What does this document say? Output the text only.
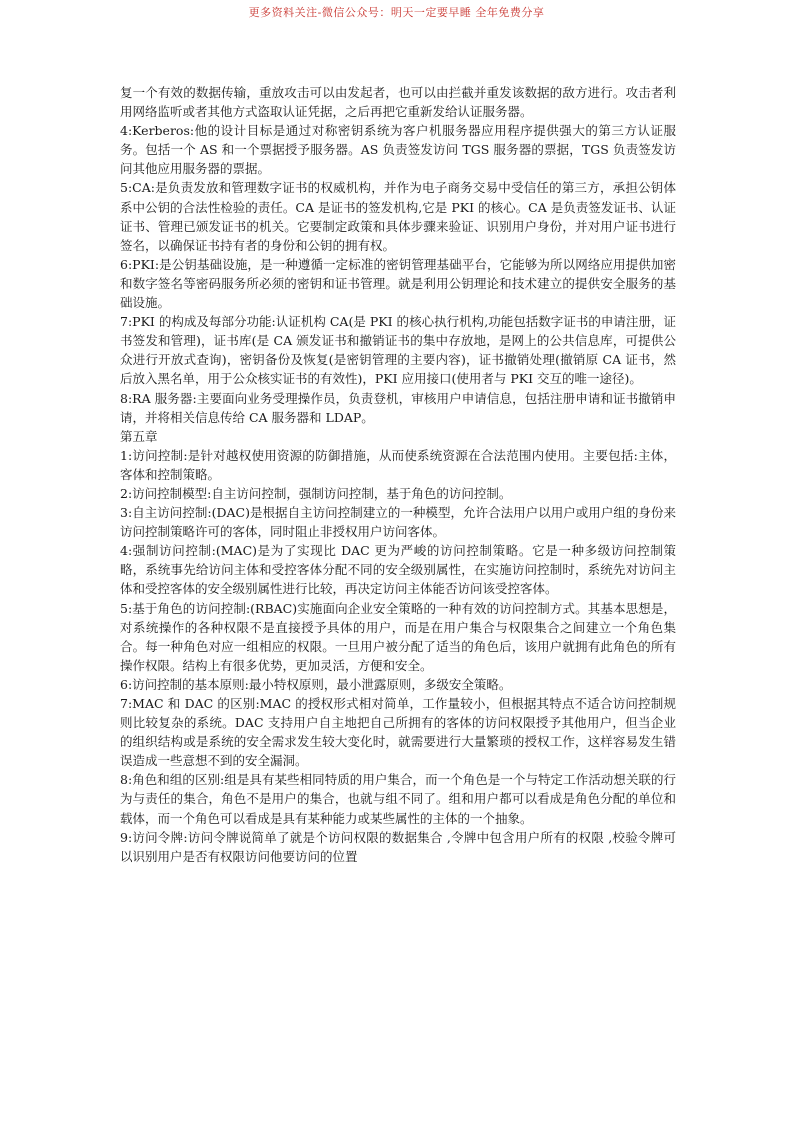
更多资料关注-微信公众号：明天一定要早睡 全年免费分享

复一个有效的数据传输，重放攻击可以由发起者，也可以由拦截并重发该数据的敌方进行。攻击者利用网络监听或者其他方式盗取认证凭据，之后再把它重新发给认证服务器。

4:Kerberos:他的设计目标是通过对称密钥系统为客户机服务器应用程序提供强大的第三方认证服务。包括一个 AS 和一个票据授予服务器。AS 负责签发访问 TGS 服务器的票据，TGS 负责签发访问其他应用服务器的票据。

5:CA:是负责发放和管理数字证书的权威机构，并作为电子商务交易中受信任的第三方，承担公钥体系中公钥的合法性检验的责任。CA 是证书的签发机构,它是 PKI 的核心。CA 是负责签发证书、认证证书、管理已颁发证书的机关。它要制定政策和具体步骤来验证、识别用户身份，并对用户证书进行签名，以确保证书持有者的身份和公钥的拥有权。

6:PKI:是公钥基础设施，是一种遵循一定标准的密钥管理基础平台，它能够为所以网络应用提供加密和数字签名等密码服务所必须的密钥和证书管理。就是利用公钥理论和技术建立的提供安全服务的基础设施。

7:PKI 的构成及每部分功能:认证机构 CA(是 PKI 的核心执行机构,功能包括数字证书的申请注册，证书签发和管理)，证书库(是 CA 颁发证书和撤销证书的集中存放地，是网上的公共信息库，可提供公众进行开放式查询)，密钥备份及恢复(是密钥管理的主要内容)，证书撤销处理(撤销原 CA 证书，然后放入黑名单，用于公众核实证书的有效性)，PKI 应用接口(使用者与 PKI 交互的唯一途径)。

8:RA 服务器:主要面向业务受理操作员，负责登机，审核用户申请信息，包括注册申请和证书撤销申请，并将相关信息传给 CA 服务器和 LDAP。

第五章

1:访问控制:是针对越权使用资源的防御措施，从而使系统资源在合法范围内使用。主要包括:主体，客体和控制策略。

2:访问控制模型:自主访问控制，强制访问控制，基于角色的访问控制。

3:自主访问控制:(DAC)是根据自主访问控制建立的一种模型，允许合法用户以用户或用户组的身份来访问控制策略许可的客体，同时阻止非授权用户访问客体。

4:强制访问控制:(MAC)是为了实现比 DAC 更为严峻的访问控制策略。它是一种多级访问控制策略，系统事先给访问主体和受控客体分配不同的安全级别属性，在实施访问控制时，系统先对访问主体和受控客体的安全级别属性进行比较，再决定访问主体能否访问该受控客体。

5:基于角色的访问控制:(RBAC)实施面向企业安全策略的一种有效的访问控制方式。其基本思想是，对系统操作的各种权限不是直接授予具体的用户，而是在用户集合与权限集合之间建立一个角色集合。每一种角色对应一组相应的权限。一旦用户被分配了适当的角色后，该用户就拥有此角色的所有操作权限。结构上有很多优势，更加灵活，方便和安全。

6:访问控制的基本原则:最小特权原则，最小泄露原则，多级安全策略。

7:MAC 和 DAC 的区别:MAC 的授权形式相对简单，工作量较小，但根据其特点不适合访问控制规则比较复杂的系统。DAC 支持用户自主地把自己所拥有的客体的访问权限授予其他用户，但当企业的组织结构或是系统的安全需求发生较大变化时，就需要进行大量繁琐的授权工作，这样容易发生错误造成一些意想不到的安全漏洞。

8:角色和组的区别:组是具有某些相同特质的用户集合，而一个角色是一个与特定工作活动想关联的行为与责任的集合，角色不是用户的集合，也就与组不同了。组和用户都可以看成是角色分配的单位和载体，而一个角色可以看成是具有某种能力或某些属性的主体的一个抽象。

9:访问令牌:访问令牌说简单了就是个访问权限的数据集合 ,令牌中包含用户所有的权限 ,校验令牌可以识别用户是否有权限访问他要访问的位置
